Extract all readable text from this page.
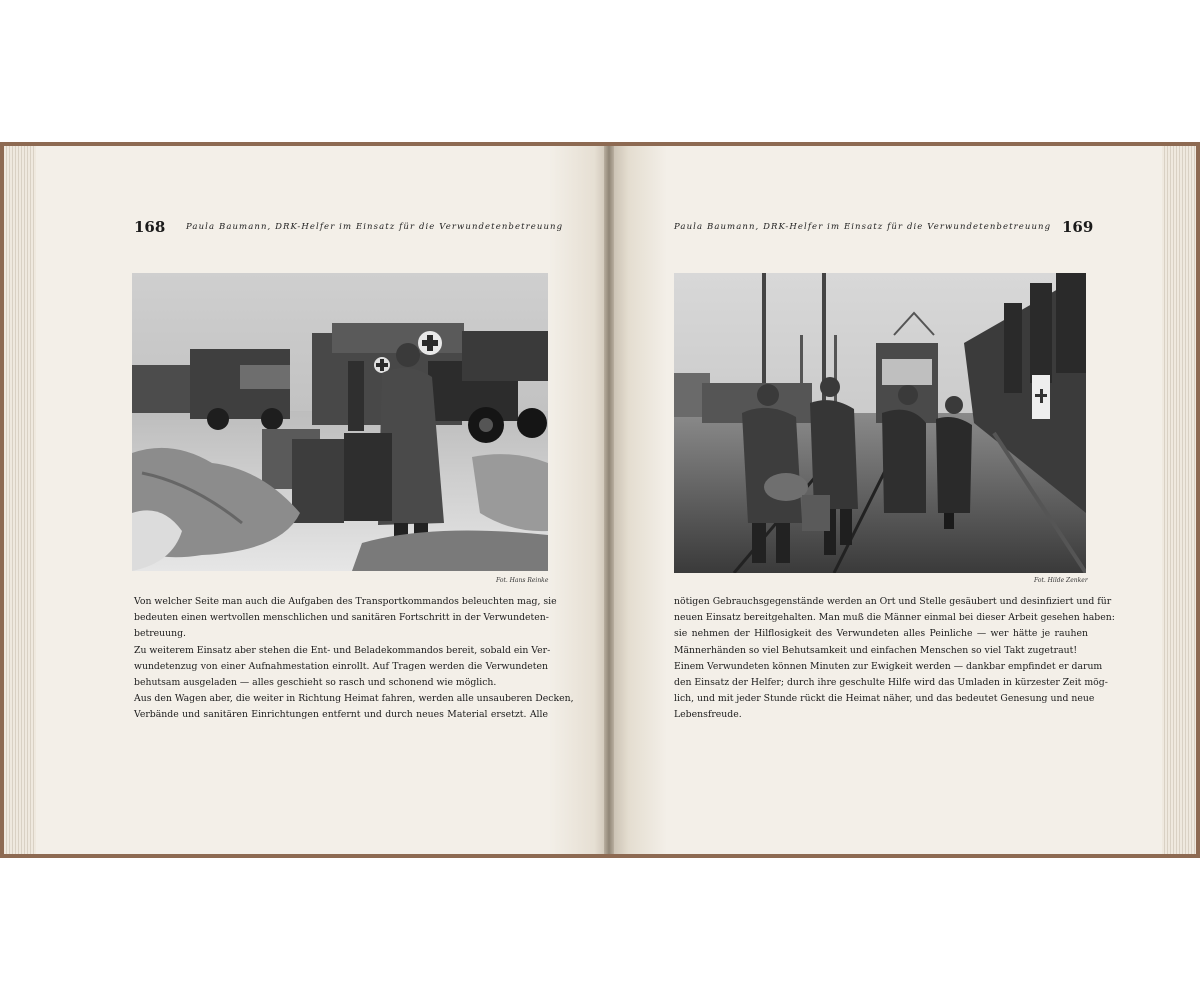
168 Paula Baumann, DRK-Helfer im Einsatz für die Verwundetenbetreuung	Paula Baumann, DRK-Helfer im Einsatz für die Verwundetenbetreuung 169
Fot. Hans Reinke	Fot. Hilde Zenker
Von welcher Seite man auch die Aufgaben des Transportkommandos beleuchten mag, sie
bedeuten einen wertvollen menschlichen und sanitären Fortschritt in der Verwundeten-
betreuung.
Zu weiterem Einsatz aber stehen die Ent- und Beladekommandos bereit, sobald ein Ver-
wundetenzug von einer Aufnahmestation einrollt. Auf Tragen werden die Verwundeten
behutsam ausgeladen — alles geschieht so rasch und schonend wie möglich.
Aus den Wagen aber, die weiter in Richtung Heimat fahren, werden alle unsauberen Decken,
Verbände und sanitären Einrichtungen entfernt und durch neues Material ersetzt. Alle
nötigen Gebrauchsgegenstände werden an Ort und Stelle gesäubert und desinfiziert und für
neuen Einsatz bereitgehalten. Man muß die Männer einmal bei dieser Arbeit gesehen haben:
sie nehmen der Hilflosigkeit des Verwundeten alles Peinliche — wer hätte je rauhen
Männerhänden so viel Behutsamkeit und einfachen Menschen so viel Takt zugetraut!
Einem Verwundeten können Minuten zur Ewigkeit werden — dankbar empfindet er darum
den Einsatz der Helfer; durch ihre geschulte Hilfe wird das Umladen in kürzester Zeit mög-
lich, und mit jeder Stunde rückt die Heimat näher, und das bedeutet Genesung und neue
Lebensfreude.
